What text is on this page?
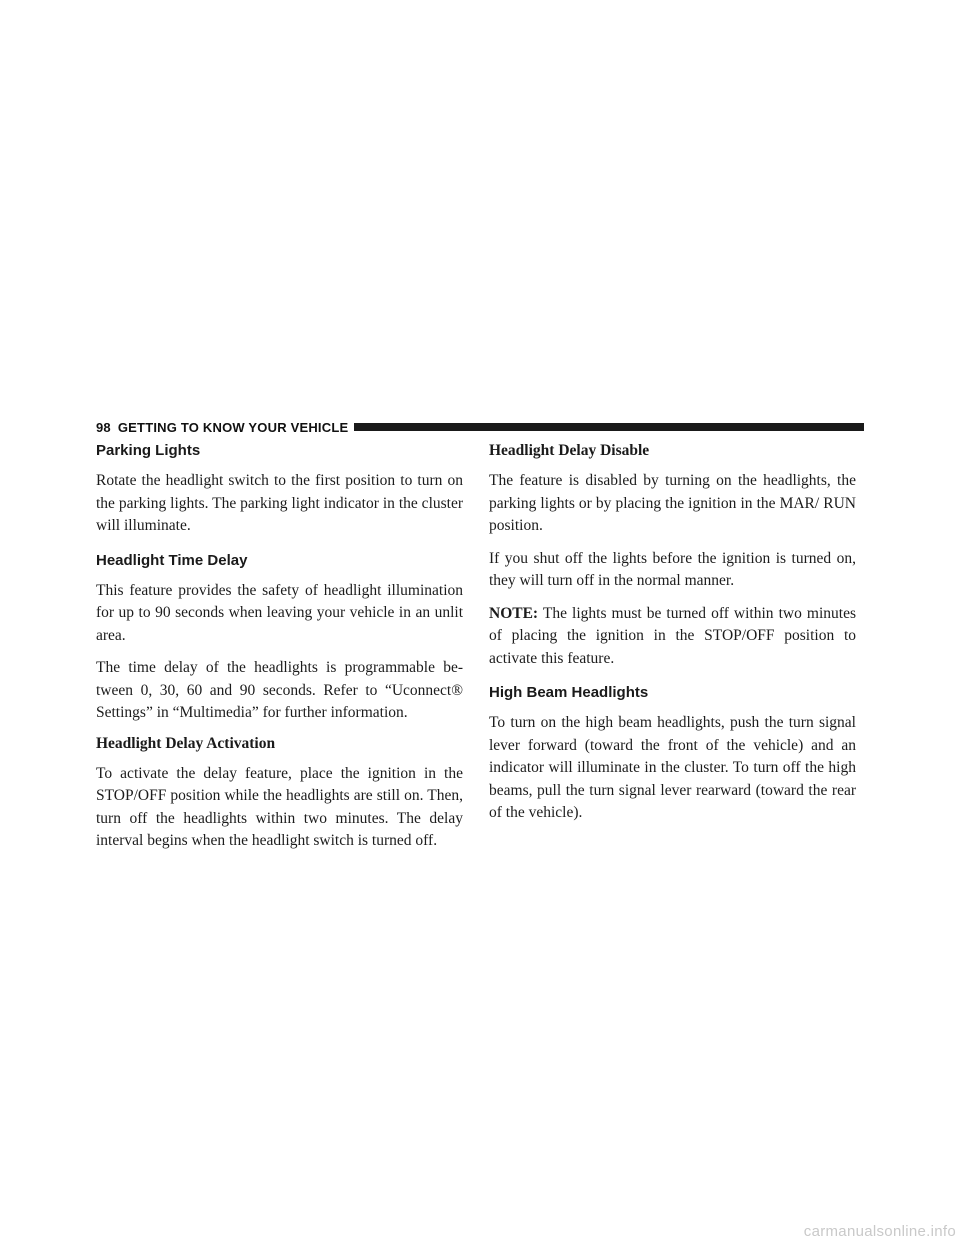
98 GETTING TO KNOW YOUR VEHICLE
Parking Lights

Rotate the headlight switch to the first position to turn on the parking lights. The parking light indicator in the cluster will illuminate.

Headlight Time Delay

This feature provides the safety of headlight illumination for up to 90 seconds when leaving your vehicle in an unlit area.

The time delay of the headlights is programmable be-tween 0, 30, 60 and 90 seconds. Refer to “Uconnect® Settings” in “Multimedia” for further information.

Headlight Delay Activation

To activate the delay feature, place the ignition in the STOP/OFF position while the headlights are still on. Then, turn off the headlights within two minutes. The delay interval begins when the headlight switch is turned off.

Headlight Delay Disable

The feature is disabled by turning on the headlights, the parking lights or by placing the ignition in the MAR/ RUN position.

If you shut off the lights before the ignition is turned on, they will turn off in the normal manner.

NOTE: The lights must be turned off within two minutes of placing the ignition in the STOP/OFF position to activate this feature.

High Beam Headlights

To turn on the high beam headlights, push the turn signal lever forward (toward the front of the vehicle) and an indicator will illuminate in the cluster. To turn off the high beams, pull the turn signal lever rearward (toward the rear of the vehicle).

carmanualsonline.info
